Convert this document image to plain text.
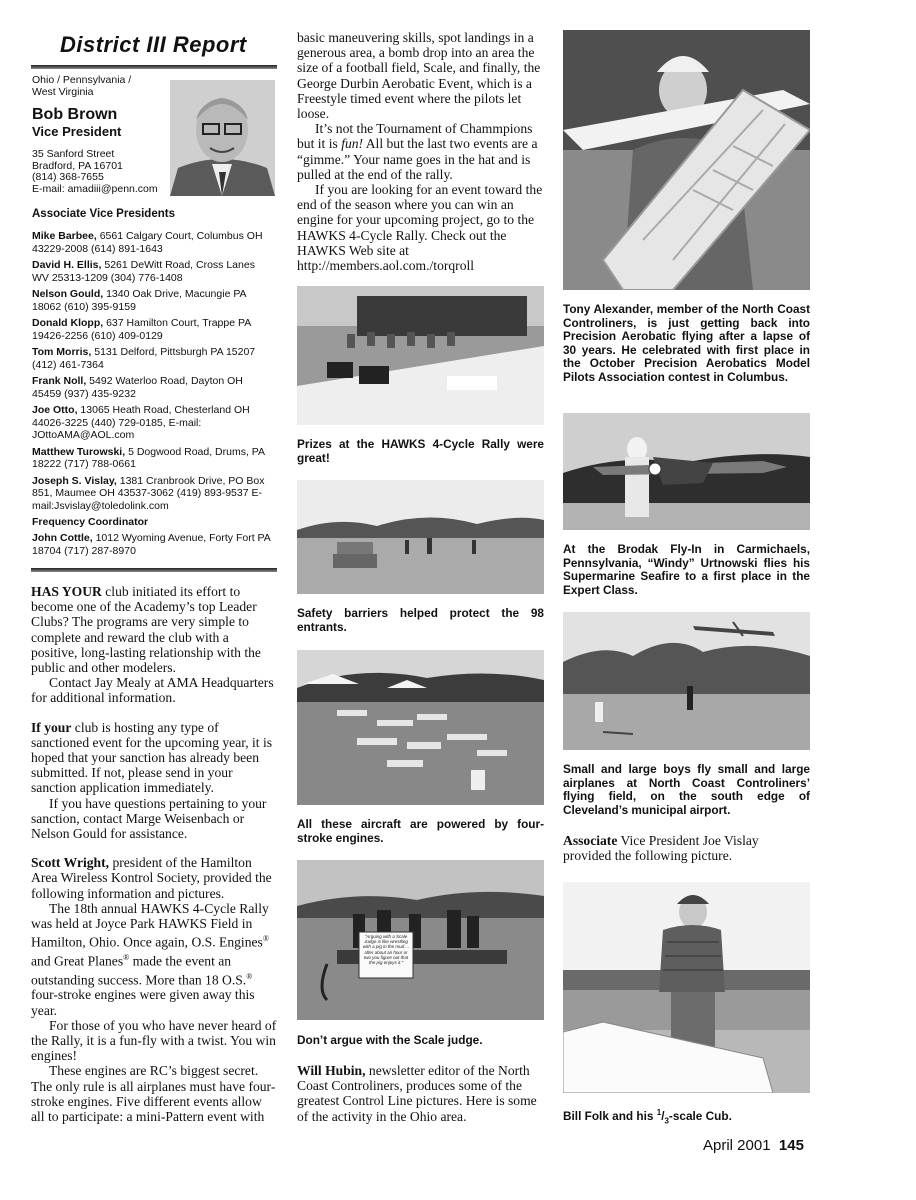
District III Report
Ohio / Pennsylvania /
West Virginia
Bob Brown
Vice President
35 Sanford Street
Bradford, PA 16701
(814) 368-7655
E-mail: amadiii@penn.com
Associate Vice Presidents
Mike Barbee, 6561 Calgary Court, Columbus OH 43229-2008 (614) 891-1643
David H. Ellis, 5261 DeWitt Road, Cross Lanes WV 25313-1209 (304) 776-1408
Nelson Gould, 1340 Oak Drive, Macungie PA 18062 (610) 395-9159
Donald Klopp, 637 Hamilton Court, Trappe PA 19426-2256 (610) 409-0129
Tom Morris, 5131 Delford, Pittsburgh PA 15207 (412) 461-7364
Frank Noll, 5492 Waterloo Road, Dayton OH 45459 (937) 435-9232
Joe Otto, 13065 Heath Road, Chesterland OH 44026-3225 (440) 729-0185, E-mail: JOttoAMA@AOL.com
Matthew Turowski, 5 Dogwood Road, Drums, PA 18222 (717) 788-0661
Joseph S. Vislay, 1381 Cranbrook Drive, PO Box 851, Maumee OH 43537-3062 (419) 893-9537 E-mail:Jsvislay@toledolink.com
Frequency Coordinator
John Cottle, 1012 Wyoming Avenue, Forty Fort PA 18704 (717) 287-8970

HAS YOUR club initiated its effort to become one of the Academy’s top Leader Clubs? The programs are very simple to complete and reward the club with a positive, long-lasting relationship with the public and other modelers.

Contact Jay Mealy at AMA Headquarters for additional information.

If your club is hosting any type of sanctioned event for the upcoming year, it is hoped that your sanction has already been submitted. If not, please send in your sanction application immediately.

If you have questions pertaining to your sanction, contact Marge Weisenbach or Nelson Gould for assistance.

Scott Wright, president of the Hamilton Area Wireless Kontrol Society, provided the following information and pictures.

The 18th annual HAWKS 4-Cycle Rally was held at Joyce Park HAWKS Field in Hamilton, Ohio. Once again, O.S. Engines® and Great Planes® made the event an outstanding success. More than 18 O.S.® four-stroke engines were given away this year.

For those of you who have never heard of the Rally, it is a fun-fly with a twist. You win engines!

These engines are RC’s biggest secret. The only rule is all airplanes must have four-stroke engines. Five different events allow all to participate: a mini-Pattern event with

basic maneuvering skills, spot landings in a generous area, a bomb drop into an area the size of a football field, Scale, and finally, the George Durbin Aerobatic Event, which is a Freestyle timed event where the pilots let loose.

It’s not the Tournament of Chammpions but it is fun! All but the last two events are a “gimme.” Your name goes in the hat and is pulled at the end of the rally.

If you are looking for an event toward the end of the season where you can win an engine for your upcoming project, go to the HAWKS 4-Cycle Rally. Check out the HAWKS Web site at http://members.aol.com./torqroll

Prizes at the HAWKS 4-Cycle Rally were great!
Safety barriers helped protect the 98 entrants.
All these aircraft are powered by four-stroke engines.
"Arguing with a Scale Judge is like wrestling with a pig in the mud ... after about an hour or two you figure out that the pig enjoys it."
Don’t argue with the Scale judge.

Will Hubin, newsletter editor of the North Coast Controliners, produces some of the greatest Control Line pictures. Here is some of the activity in the Ohio area.

Tony Alexander, member of the North Coast Controliners, is just getting back into Precision Aerobatic flying after a lapse of 30 years. He celebrated with first place in the October Precision Aerobatics Model Pilots Association contest in Columbus.
At the Brodak Fly-In in Carmichaels, Pennsylvania, “Windy” Urtnowski flies his Supermarine Seafire to a first place in the Expert Class.
Small and large boys fly small and large airplanes at North Coast Controliners’ flying field, on the south edge of Cleveland’s municipal airport.

Associate Vice President Joe Vislay provided the following picture.

Bill Folk and his $^1/_3$-scale Cub.
April 2001 145
